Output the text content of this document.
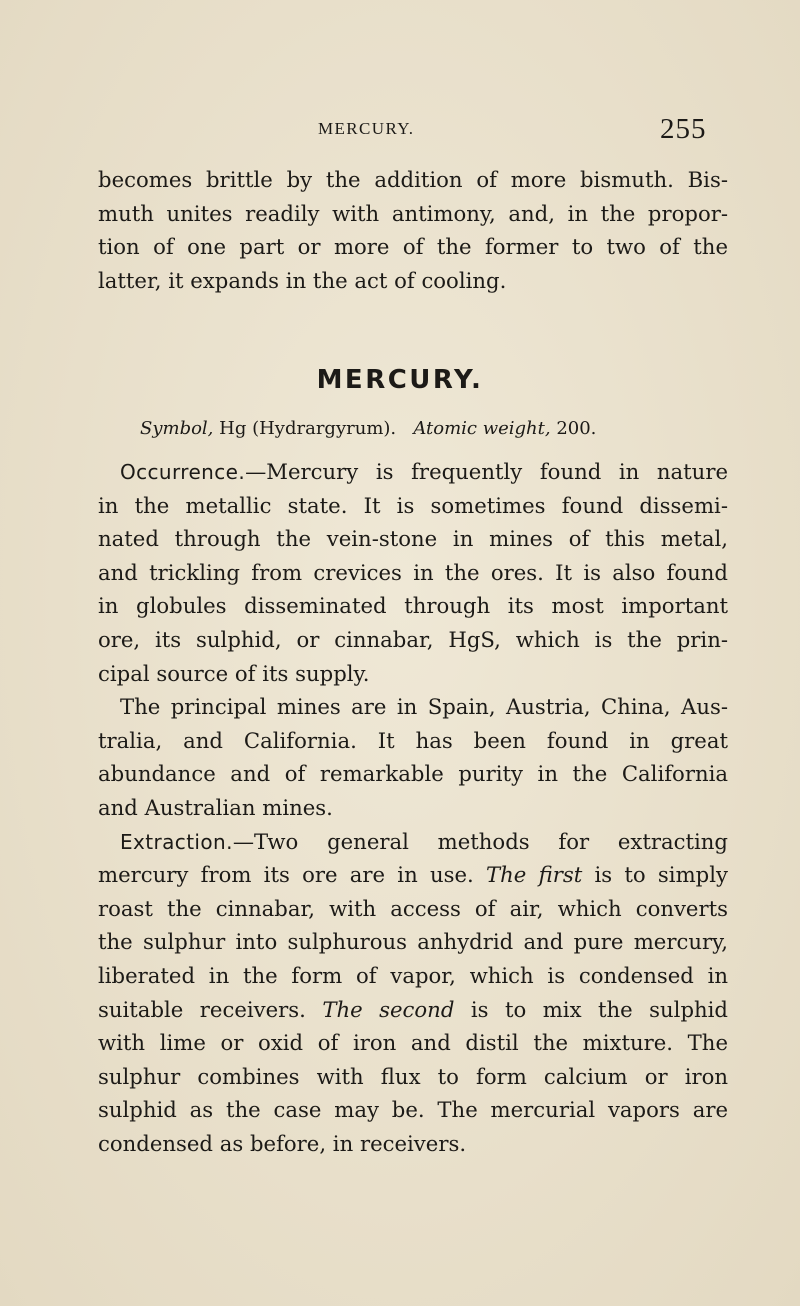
MERCURY.	255
becomes brittle by the addition of more bismuth. Bis-
muth unites readily with antimony, and, in the propor-
tion of one part or more of the former to two of the
latter, it expands in the act of cooling.
MERCURY.
Symbol, Hg (Hydrargyrum). Atomic weight, 200.
Occurrence.—Mercury is frequently found in nature
in the metallic state. It is sometimes found dissemi-
nated through the vein-stone in mines of this metal,
and trickling from crevices in the ores. It is also found
in globules disseminated through its most important
ore, its sulphid, or cinnabar, HgS, which is the prin-
cipal source of its supply.
The principal mines are in Spain, Austria, China, Aus-
tralia, and California. It has been found in great
abundance and of remarkable purity in the California
and Australian mines.
Extraction.—Two general methods for extracting
mercury from its ore are in use. The first is to simply
roast the cinnabar, with access of air, which converts
the sulphur into sulphurous anhydrid and pure mercury,
liberated in the form of vapor, which is condensed in
suitable receivers. The second is to mix the sulphid
with lime or oxid of iron and distil the mixture. The
sulphur combines with flux to form calcium or iron
sulphid as the case may be. The mercurial vapors are
condensed as before, in receivers.
